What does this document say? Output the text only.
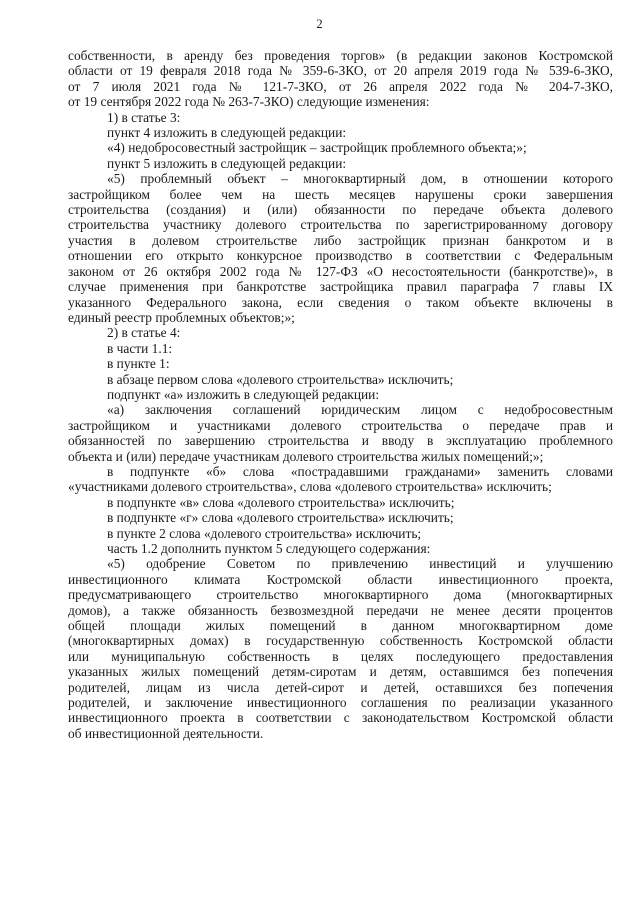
2
собственности, в аренду без проведения торгов» (в редакции законов Костромской
области от 19 февраля 2018 года № 359-6-ЗКО, от 20 апреля 2019 года № 539-6-ЗКО,
от 7 июля 2021 года № 121-7-ЗКО, от 26 апреля 2022 года № 204-7-ЗКО,
от 19 сентября 2022 года № 263-7-ЗКО) следующие изменения:
1) в статье 3:
пункт 4 изложить в следующей редакции:
«4) недобросовестный застройщик – застройщик проблемного объекта;»;
пункт 5 изложить в следующей редакции:
«5) проблемный объект – многоквартирный дом, в отношении которого
застройщиком более чем на шесть месяцев нарушены сроки завершения
строительства (создания) и (или) обязанности по передаче объекта долевого
строительства участнику долевого строительства по зарегистрированному договору
участия в долевом строительстве либо застройщик признан банкротом и в
отношении его открыто конкурсное производство в соответствии с Федеральным
законом от 26 октября 2002 года № 127-ФЗ «О несостоятельности (банкротстве)», в
случае применения при банкротстве застройщика правил параграфа 7 главы IX
указанного Федерального закона, если сведения о таком объекте включены в
единый реестр проблемных объектов;»;
2) в статье 4:
в части 1.1:
в пункте 1:
в абзаце первом слова «долевого строительства» исключить;
подпункт «а» изложить в следующей редакции:
«а) заключения соглашений юридическим лицом с недобросовестным
застройщиком и участниками долевого строительства о передаче прав и
обязанностей по завершению строительства и вводу в эксплуатацию проблемного
объекта и (или) передаче участникам долевого строительства жилых помещений;»;
в подпункте «б» слова «пострадавшими гражданами» заменить словами
«участниками долевого строительства», слова «долевого строительства» исключить;
в подпункте «в» слова «долевого строительства» исключить;
в подпункте «г» слова «долевого строительства» исключить;
в пункте 2 слова «долевого строительства» исключить;
часть 1.2 дополнить пунктом 5 следующего содержания:
«5) одобрение Советом по привлечению инвестиций и улучшению
инвестиционного климата Костромской области инвестиционного проекта,
предусматривающего строительство многоквартирного дома (многоквартирных
домов), а также обязанность безвозмездной передачи не менее десяти процентов
общей площади жилых помещений в данном многоквартирном доме
(многоквартирных домах) в государственную собственность Костромской области
или муниципальную собственность в целях последующего предоставления
указанных жилых помещений детям-сиротам и детям, оставшимся без попечения
родителей, лицам из числа детей-сирот и детей, оставшихся без попечения
родителей, и заключение инвестиционного соглашения по реализации указанного
инвестиционного проекта в соответствии с законодательством Костромской области
об инвестиционной деятельности.
